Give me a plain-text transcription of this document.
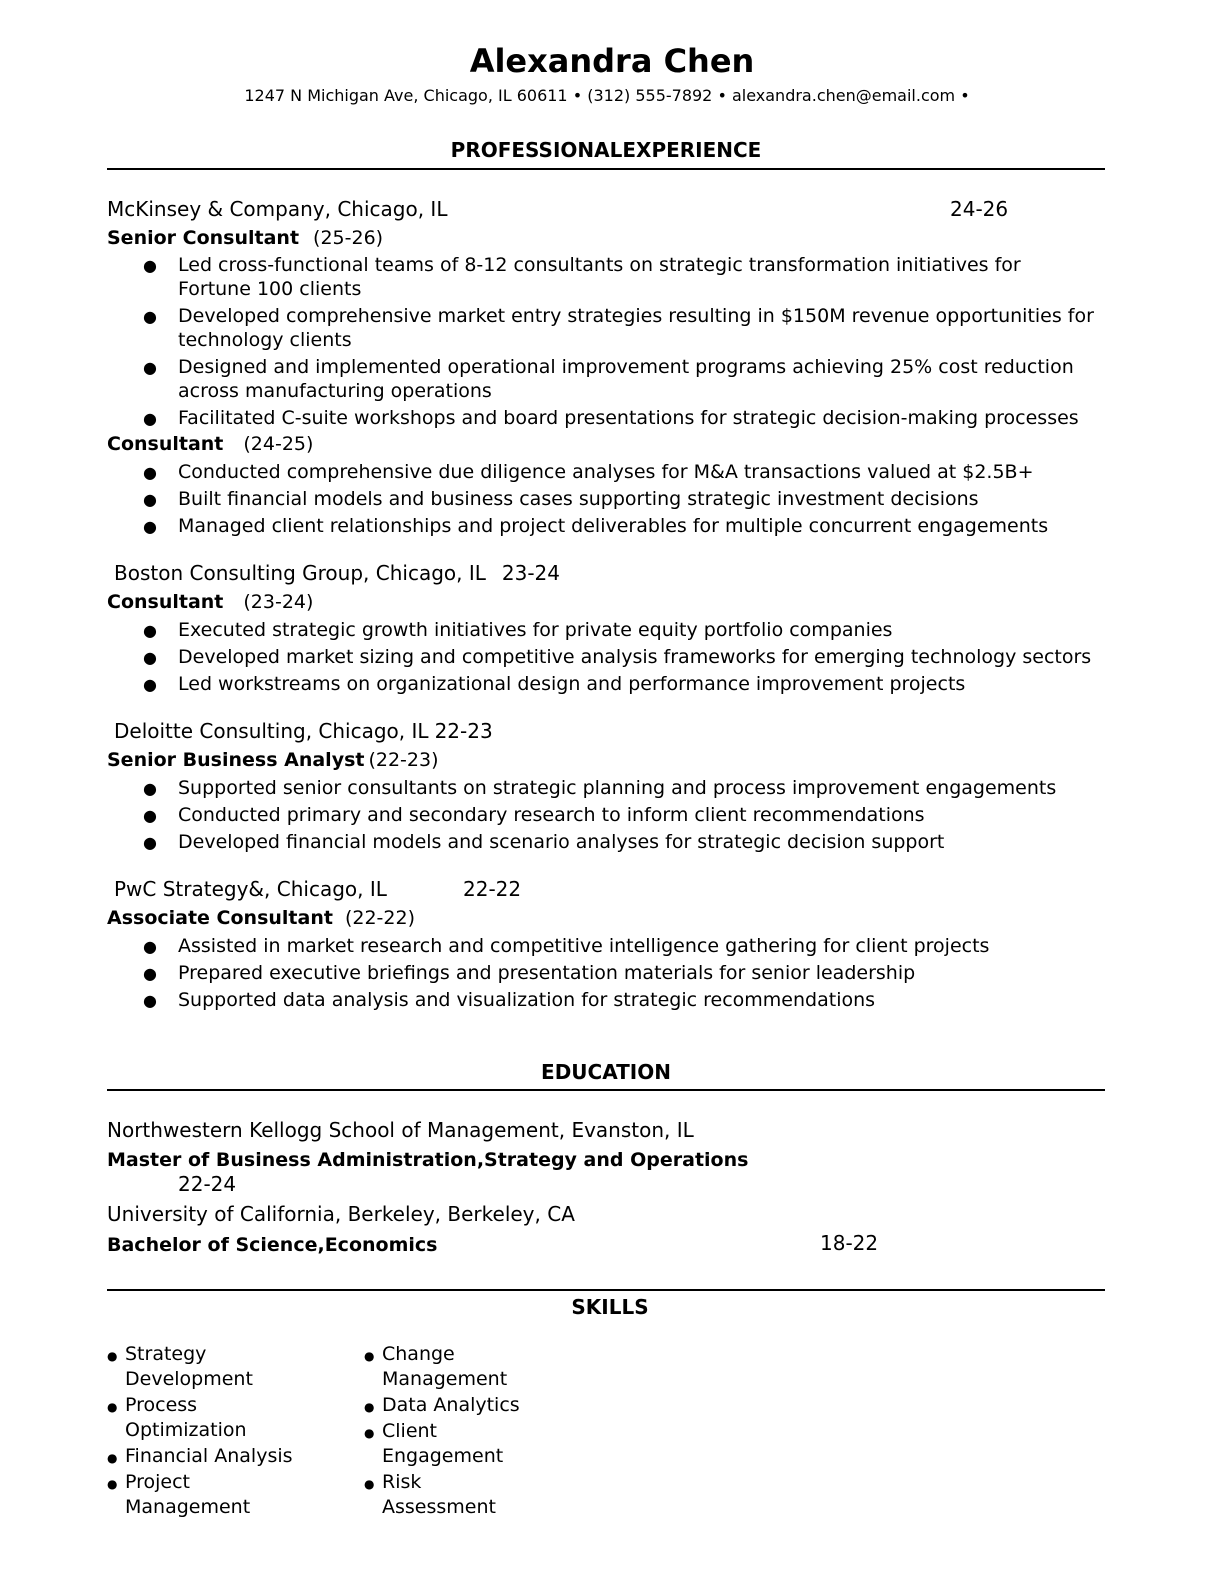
Alexandra Chen
1247 N Michigan Ave, Chicago, IL 60611 • (312) 555-7892 • alexandra.chen@email.com •
PROFESSIONALEXPERIENCE
McKinsey & Company, Chicago, IL	24-26
Senior Consultant (25-26)
● Led cross-functional teams of 8-12 consultants on strategic transformation initiatives for
Fortune 100 clients
● Developed comprehensive market entry strategies resulting in $150M revenue opportunities for
technology clients
● Designed and implemented operational improvement programs achieving 25% cost reduction
across manufacturing operations
● Facilitated C-suite workshops and board presentations for strategic decision-making processes
Consultant (24-25)
● Conducted comprehensive due diligence analyses for M&A transactions valued at $2.5B+
● Built financial models and business cases supporting strategic investment decisions
● Managed client relationships and project deliverables for multiple concurrent engagements
Boston Consulting Group, Chicago, IL 23-24
Consultant (23-24)
● Executed strategic growth initiatives for private equity portfolio companies
● Developed market sizing and competitive analysis frameworks for emerging technology sectors
● Led workstreams on organizational design and performance improvement projects
Deloitte Consulting, Chicago, IL 22-23
Senior Business Analyst (22-23)
● Supported senior consultants on strategic planning and process improvement engagements
● Conducted primary and secondary research to inform client recommendations
● Developed financial models and scenario analyses for strategic decision support
PwC Strategy&, Chicago, IL	22-22
Associate Consultant (22-22)
● Assisted in market research and competitive intelligence gathering for client projects
● Prepared executive briefings and presentation materials for senior leadership
● Supported data analysis and visualization for strategic recommendations
EDUCATION
Northwestern Kellogg School of Management, Evanston, IL
Master of Business Administration,Strategy and Operations
22-24
University of California, Berkeley, Berkeley, CA
Bachelor of Science,Economics	18-22
SKILLS
● Strategy
Development
● Process
Optimization
● Financial Analysis
● Project
Management
● Change
Management
● Data Analytics
● Client
Engagement
● Risk
Assessment
